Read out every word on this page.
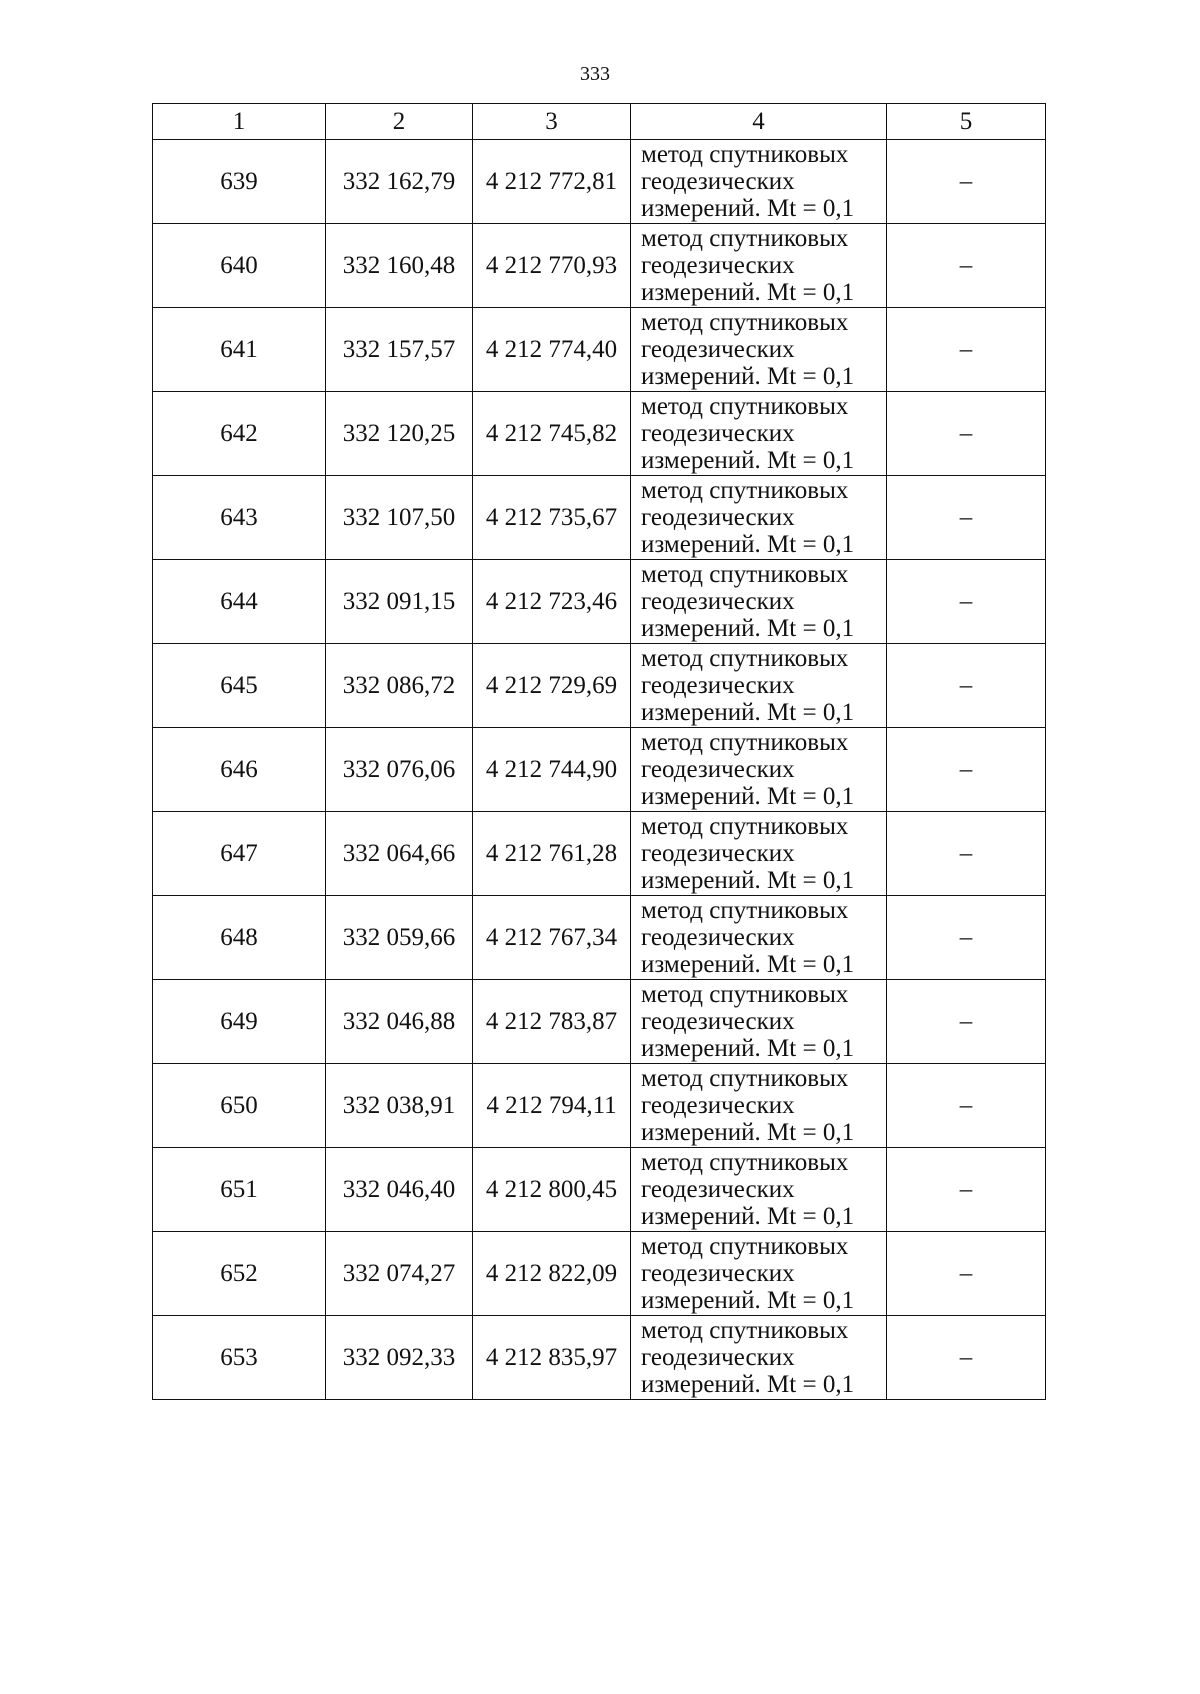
333
1	2	3	4	5
639	332 162,79	4 212 772,81	метод спутниковых
геодезических
измерений. Mt = 0,1	–
640	332 160,48	4 212 770,93	метод спутниковых
геодезических
измерений. Mt = 0,1	–
641	332 157,57	4 212 774,40	метод спутниковых
геодезических
измерений. Mt = 0,1	–
642	332 120,25	4 212 745,82	метод спутниковых
геодезических
измерений. Mt = 0,1	–
643	332 107,50	4 212 735,67	метод спутниковых
геодезических
измерений. Mt = 0,1	–
644	332 091,15	4 212 723,46	метод спутниковых
геодезических
измерений. Mt = 0,1	–
645	332 086,72	4 212 729,69	метод спутниковых
геодезических
измерений. Mt = 0,1	–
646	332 076,06	4 212 744,90	метод спутниковых
геодезических
измерений. Mt = 0,1	–
647	332 064,66	4 212 761,28	метод спутниковых
геодезических
измерений. Mt = 0,1	–
648	332 059,66	4 212 767,34	метод спутниковых
геодезических
измерений. Mt = 0,1	–
649	332 046,88	4 212 783,87	метод спутниковых
геодезических
измерений. Mt = 0,1	–
650	332 038,91	4 212 794,11	метод спутниковых
геодезических
измерений. Mt = 0,1	–
651	332 046,40	4 212 800,45	метод спутниковых
геодезических
измерений. Mt = 0,1	–
652	332 074,27	4 212 822,09	метод спутниковых
геодезических
измерений. Mt = 0,1	–
653	332 092,33	4 212 835,97	метод спутниковых
геодезических
измерений. Mt = 0,1	–
